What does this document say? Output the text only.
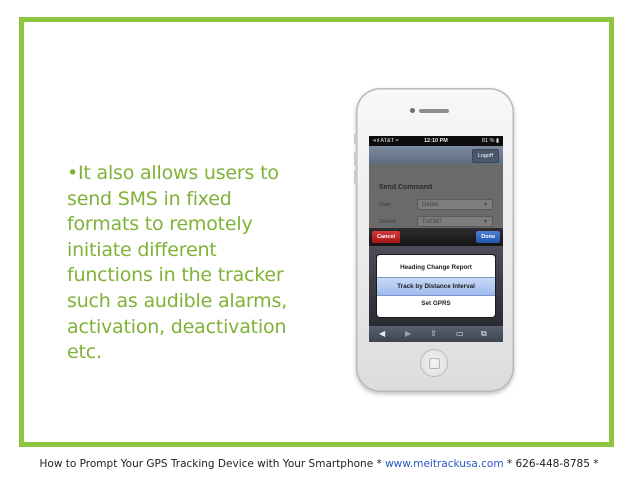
•It also allows users to send SMS in fixed formats to remotely initiate different functions in the tracker such as audible alarms, activation, deactivation etc.
•ııl AT&T ≈	12:10 PM	81 % ▮
Logoff
Send Command
User	Demo	▼
Device	Tu0387	▼
Cancel	Done
Heading Change Report
Track by Distance Interval
Set GPRS
◀ ▶ ⇪ ▭ ⧉
How to Prompt Your GPS Tracking Device with Your Smartphone * www.meitrackusa.com * 626-448-8785 *
